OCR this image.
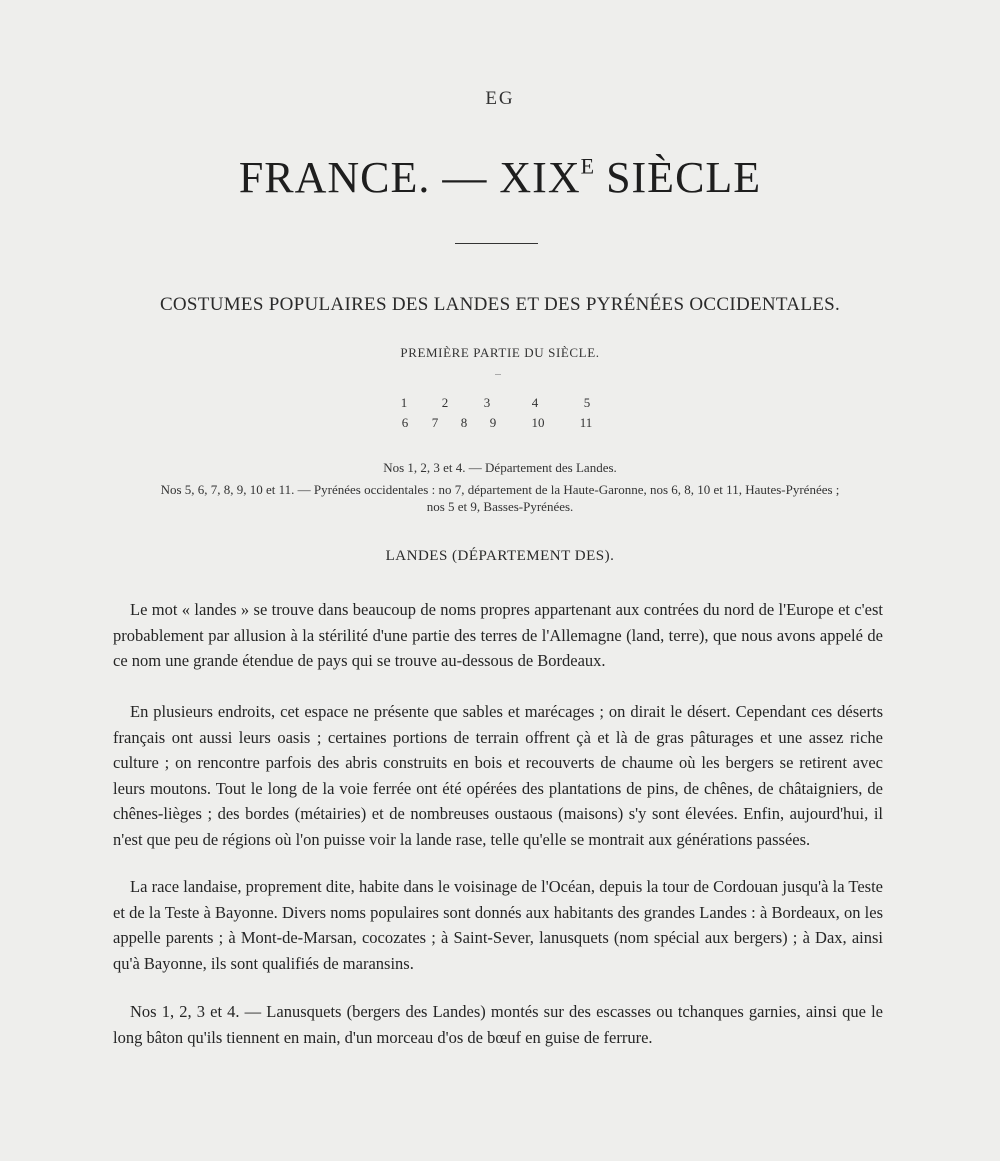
EG
FRANCE. — $XIX^E$ SIÈCLE
COSTUMES POPULAIRES DES LANDES ET DES PYRÉNÉES OCCIDENTALES.
PREMIÈRE PARTIE DU SIÈCLE.
1	2	3	4	5
6 7 8 9	10	11
Nos 1, 2, 3 et 4. — Département des Landes.
Nos 5, 6, 7, 8, 9, 10 et 11. — Pyrénées occidentales : no 7, département de la Haute-Garonne, nos 6, 8, 10 et 11, Hautes-Pyrénées ;
nos 5 et 9, Basses-Pyrénées.
LANDES (DÉPARTEMENT DES).

Le mot « landes » se trouve dans beaucoup de noms propres appartenant aux contrées du nord de l'Europe et c'est probablement par allusion à la stérilité d'une partie des terres de l'Allemagne (land, terre), que nous avons appelé de ce nom une grande étendue de pays qui se trouve au-dessous de Bordeaux.

En plusieurs endroits, cet espace ne présente que sables et marécages ; on dirait le désert. Cependant ces déserts français ont aussi leurs oasis ; certaines portions de terrain offrent çà et là de gras pâturages et une assez riche culture ; on rencontre parfois des abris construits en bois et recouverts de chaume où les bergers se retirent avec leurs moutons. Tout le long de la voie ferrée ont été opérées des plantations de pins, de chênes, de châtaigniers, de chênes-lièges ; des bordes (métairies) et de nombreuses oustaous (maisons) s'y sont élevées. Enfin, aujourd'hui, il n'est que peu de régions où l'on puisse voir la lande rase, telle qu'elle se montrait aux générations passées.

La race landaise, proprement dite, habite dans le voisinage de l'Océan, depuis la tour de Cordouan jusqu'à la Teste et de la Teste à Bayonne. Divers noms populaires sont donnés aux habitants des grandes Landes : à Bordeaux, on les appelle parents ; à Mont-de-Marsan, cocozates ; à Saint-Sever, lanusquets (nom spécial aux bergers) ; à Dax, ainsi qu'à Bayonne, ils sont qualifiés de maransins.

Nos 1, 2, 3 et 4. — Lanusquets (bergers des Landes) montés sur des escasses ou tchanques garnies, ainsi que le long bâton qu'ils tiennent en main, d'un morceau d'os de bœuf en guise de ferrure.
